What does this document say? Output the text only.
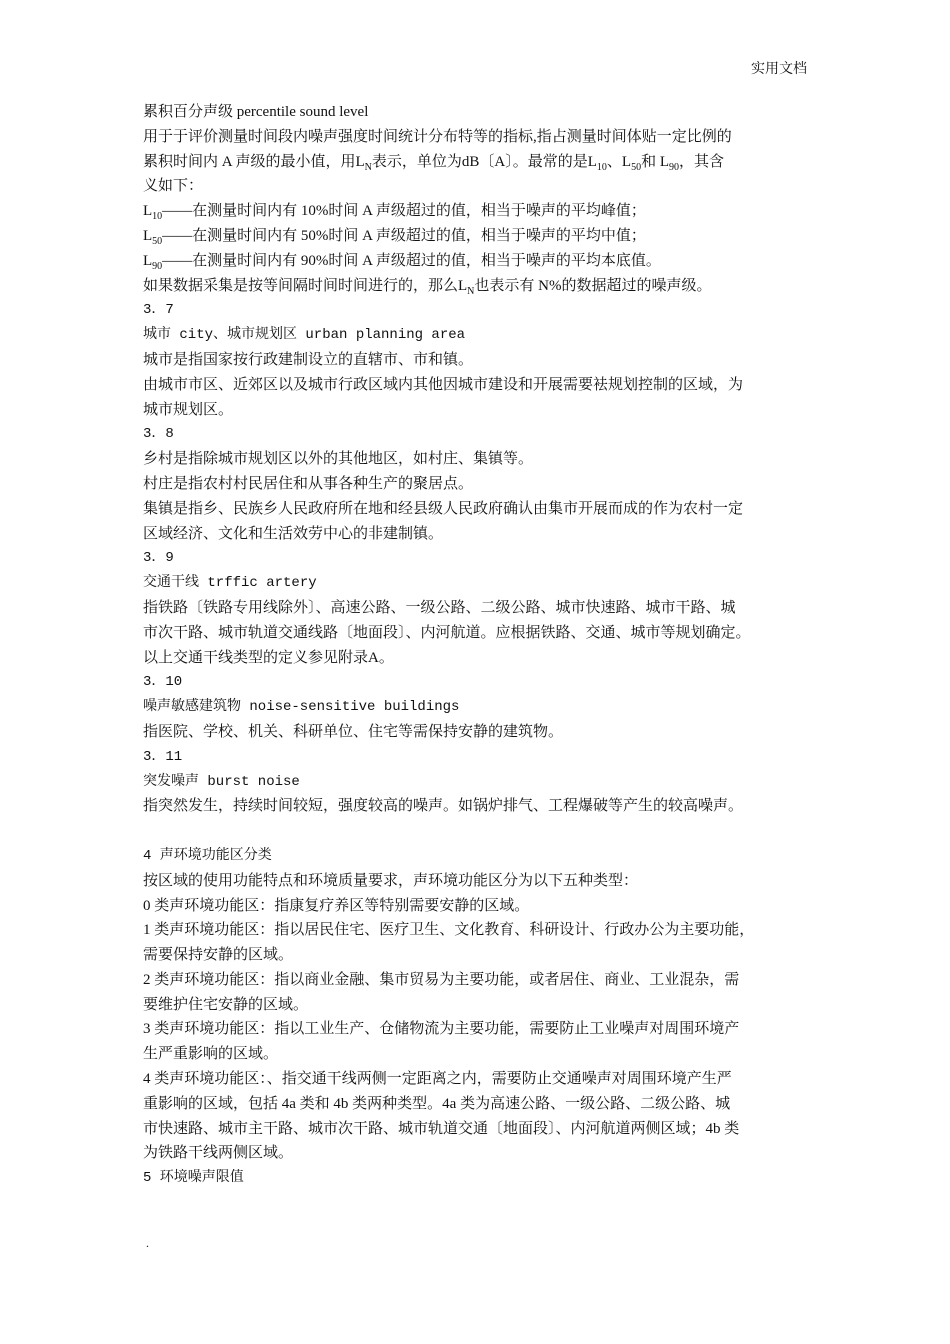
实用文档
累积百分声级 percentile sound level
用于于评价测量时间段内噪声强度时间统计分布特等的指标,指占测量时间体贴一定比例的
累积时间内 A 声级的最小值，用$L_N$表示，单位为dB〔A〕。最常的是$L_{10}$、$L_{50}$和 $L_{90}$，其含
义如下：
$L_{10}——$在测量时间内有 10%时间 A 声级超过的值，相当于噪声的平均峰值；
$L_{50}——$在测量时间内有 50%时间 A 声级超过的值，相当于噪声的平均中值；
$L_{90}——$在测量时间内有 90%时间 A 声级超过的值，相当于噪声的平均本底值。
如果数据采集是按等间隔时间时间进行的，那么$L_N$也表示有 N%的数据超过的噪声级。
3．7
城市 city、城市规划区 urban planning area
城市是指国家按行政建制设立的直辖市、市和镇。
由城市市区、近郊区以及城市行政区域内其他因城市建设和开展需要袪规划控制的区域，为
城市规划区。
3．8
乡村是指除城市规划区以外的其他地区，如村庄、集镇等。
村庄是指农村村民居住和从事各种生产的聚居点。
集镇是指乡、民族乡人民政府所在地和经县级人民政府确认由集市开展而成的作为农村一定
区域经济、文化和生活效劳中心的非建制镇。
3．9
交通干线 trffic artery
指铁路〔铁路专用线除外〕、高速公路、一级公路、二级公路、城市快速路、城市干路、城
市次干路、城市轨道交通线路〔地面段〕、内河航道。应根据铁路、交通、城市等规划确定。
以上交通干线类型的定义参见附录A。
3．10
噪声敏感建筑物 noise-sensitive buildings
指医院、学校、机关、科研单位、住宅等需保持安静的建筑物。
3．11
突发噪声 burst noise
指突然发生，持续时间较短，强度较高的噪声。如锅炉排气、工程爆破等产生的较高噪声。
4 声环境功能区分类
按区域的使用功能特点和环境质量要求，声环境功能区分为以下五种类型：
0 类声环境功能区：指康复疗养区等特别需要安静的区域。
1 类声环境功能区：指以居民住宅、医疗卫生、文化教育、科研设计、行政办公为主要功能，
需要保持安静的区域。
2 类声环境功能区：指以商业金融、集市贸易为主要功能，或者居住、商业、工业混杂，需
要维护住宅安静的区域。
3 类声环境功能区：指以工业生产、仓储物流为主要功能，需要防止工业噪声对周围环境产
生严重影响的区域。
4 类声环境功能区：、指交通干线两侧一定距离之内，需要防止交通噪声对周围环境产生严
重影响的区域，包括 4a 类和 4b 类两种类型。4a 类为高速公路、一级公路、二级公路、城
市快速路、城市主干路、城市次干路、城市轨道交通〔地面段〕、内河航道两侧区域；4b 类
为铁路干线两侧区域。
5 环境噪声限值
.
